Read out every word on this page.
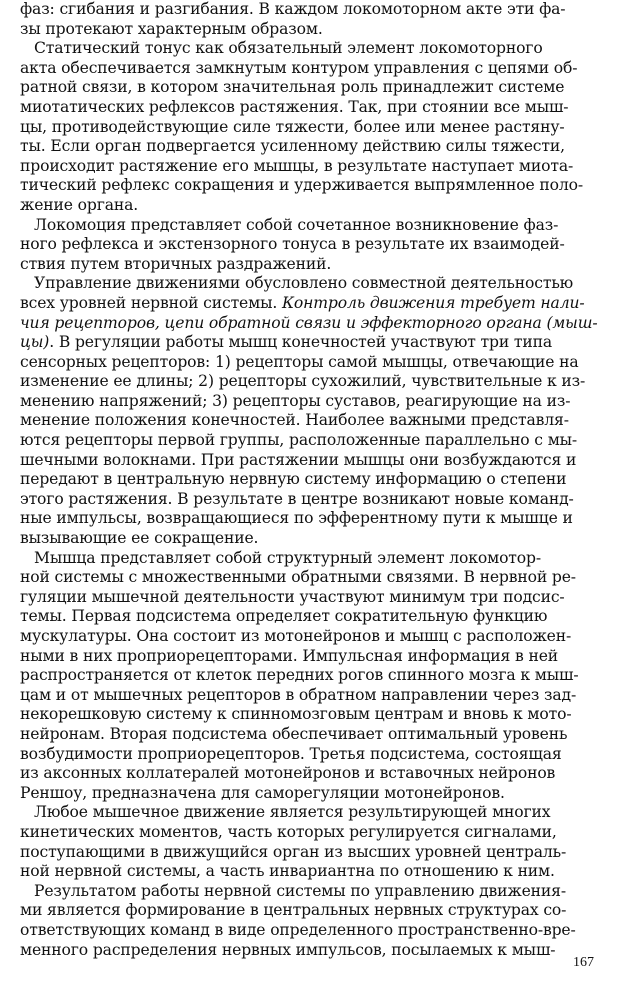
фаз: сгибания и разгибания. В каждом локомоторном акте эти фа-
зы протекают характерным образом.
Статический тонус как обязательный элемент локомоторного
акта обеспечивается замкнутым контуром управления с цепями об-
ратной связи, в котором значительная роль принадлежит системе
миотатических рефлексов растяжения. Так, при стоянии все мыш-
цы, противодействующие силе тяжести, более или менее растяну-
ты. Если орган подвергается усиленному действию силы тяжести,
происходит растяжение его мышцы, в результате наступает миота-
тический рефлекс сокращения и удерживается выпрямленное поло-
жение органа.
Локомоция представляет собой сочетанное возникновение фаз-
ного рефлекса и экстензорного тонуса в результате их взаимодей-
ствия путем вторичных раздражений.
Управление движениями обусловлено совместной деятельностью
всех уровней нервной системы. Контроль движения требует нали-
чия рецепторов, цепи обратной связи и эффекторного органа (мыш-
цы). В регуляции работы мышц конечностей участвуют три типа
сенсорных рецепторов: 1) рецепторы самой мышцы, отвечающие на
изменение ее длины; 2) рецепторы сухожилий, чувствительные к из-
менению напряжений; 3) рецепторы суставов, реагирующие на из-
менение положения конечностей. Наиболее важными представля-
ются рецепторы первой группы, расположенные параллельно с мы-
шечными волокнами. При растяжении мышцы они возбуждаются и
передают в центральную нервную систему информацию о степени
этого растяжения. В результате в центре возникают новые команд-
ные импульсы, возвращающиеся по эфферентному пути к мышце и
вызывающие ее сокращение.
Мышца представляет собой структурный элемент локомотор-
ной системы с множественными обратными связями. В нервной ре-
гуляции мышечной деятельности участвуют минимум три подсис-
темы. Первая подсистема определяет сократительную функцию
мускулатуры. Она состоит из мотонейронов и мышц с расположен-
ными в них проприорецепторами. Импульсная информация в ней
распространяется от клеток передних рогов спинного мозга к мыш-
цам и от мышечных рецепторов в обратном направлении через зад-
некорешковую систему к спинномозговым центрам и вновь к мото-
нейронам. Вторая подсистема обеспечивает оптимальный уровень
возбудимости проприорецепторов. Третья подсистема, состоящая
из аксонных коллатералей мотонейронов и вставочных нейронов
Реншоу, предназначена для саморегуляции мотонейронов.
Любое мышечное движение является результирующей многих
кинетических моментов, часть которых регулируется сигналами,
поступающими в движущийся орган из высших уровней централь-
ной нервной системы, а часть инвариантна по отношению к ним.
Результатом работы нервной системы по управлению движения-
ми является формирование в центральных нервных структурах со-
ответствующих команд в виде определенного пространственно-вре-
менного распределения нервных импульсов, посылаемых к мыш-
167
